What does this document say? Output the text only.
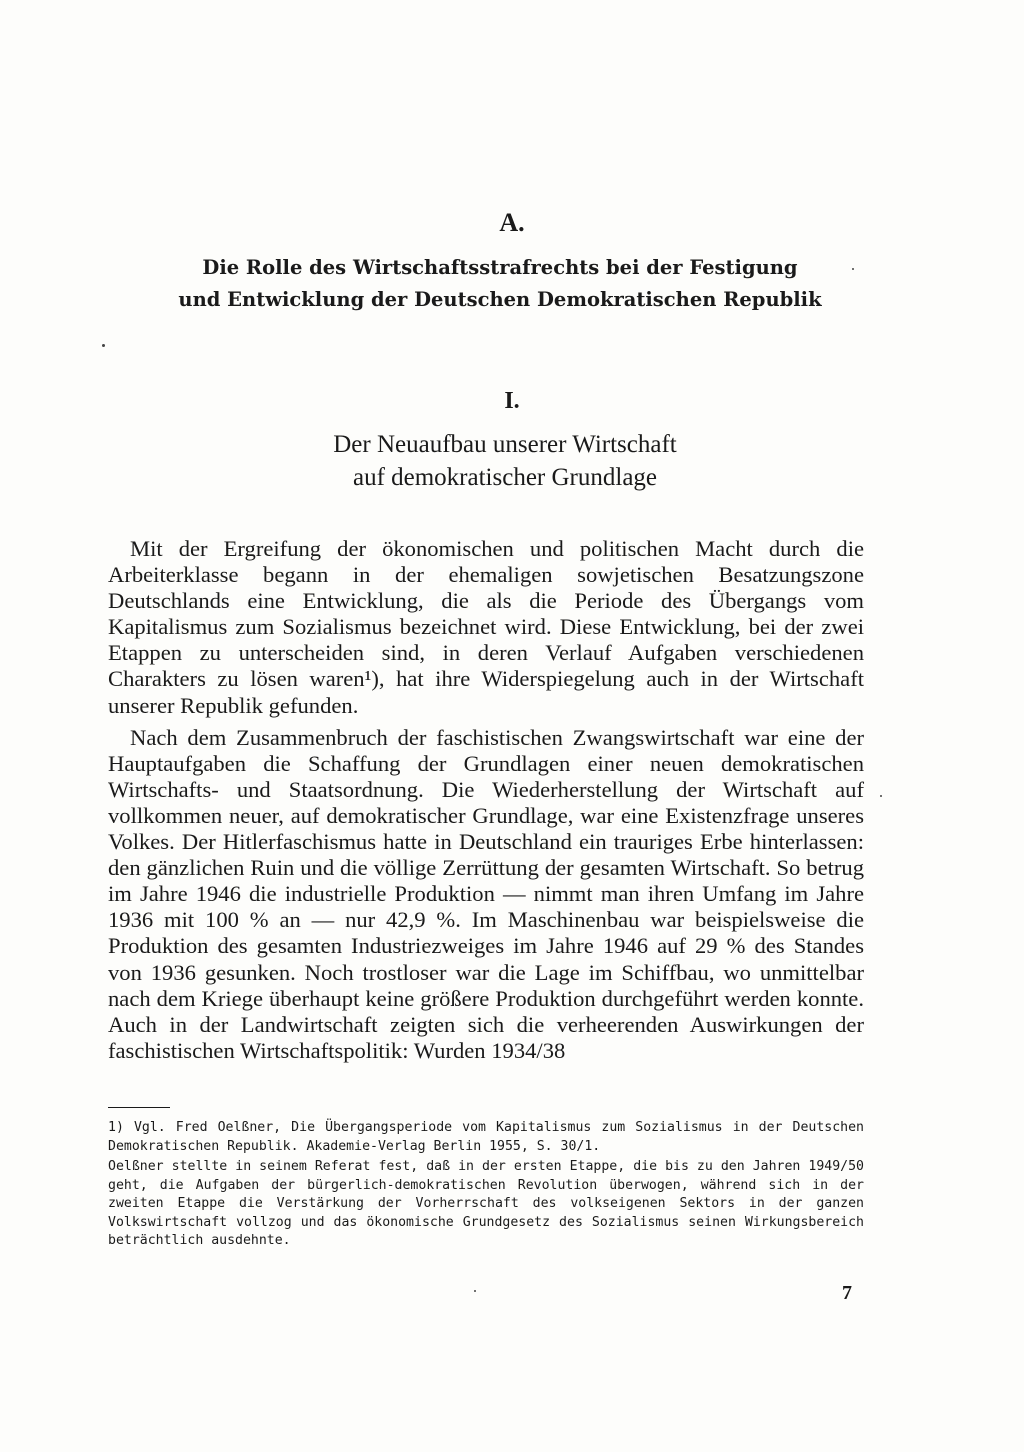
A.
Die Rolle des Wirtschaftsstrafrechts bei der Festigung
und Entwicklung der Deutschen Demokratischen Republik
I.
Der Neuaufbau unserer Wirtschaft
auf demokratischer Grundlage

Mit der Ergreifung der ökonomischen und politischen Macht durch die Arbeiterklasse begann in der ehemaligen sowjetischen Besatzungszone Deutschlands eine Entwicklung, die als die Periode des Übergangs vom Kapitalismus zum Sozialismus bezeichnet wird. Diese Entwicklung, bei der zwei Etappen zu unterscheiden sind, in deren Verlauf Aufgaben verschiedenen Charakters zu lösen waren¹), hat ihre Widerspiegelung auch in der Wirtschaft unserer Republik gefunden.

Nach dem Zusammenbruch der faschistischen Zwangswirtschaft war eine der Hauptaufgaben die Schaffung der Grundlagen einer neuen demokratischen Wirtschafts- und Staatsordnung. Die Wiederherstellung der Wirtschaft auf vollkommen neuer, auf demokratischer Grundlage, war eine Existenzfrage unseres Volkes. Der Hitlerfaschismus hatte in Deutschland ein trauriges Erbe hinterlassen: den gänzlichen Ruin und die völlige Zerrüttung der gesamten Wirtschaft. So betrug im Jahre 1946 die industrielle Produktion — nimmt man ihren Umfang im Jahre 1936 mit 100 % an — nur 42,9 %. Im Maschinenbau war beispielsweise die Produktion des gesamten Industriezweiges im Jahre 1946 auf 29 % des Standes von 1936 gesunken. Noch trostloser war die Lage im Schiffbau, wo unmittelbar nach dem Kriege überhaupt keine größere Produktion durchgeführt werden konnte. Auch in der Landwirtschaft zeigten sich die verheerenden Auswirkungen der faschistischen Wirtschaftspolitik: Wurden 1934/38

1) Vgl. Fred Oelßner, Die Übergangsperiode vom Kapitalismus zum Sozialismus in der Deutschen Demokratischen Republik. Akademie-Verlag Berlin 1955, S. 30/1.

Oelßner stellte in seinem Referat fest, daß in der ersten Etappe, die bis zu den Jahren 1949/50 geht, die Aufgaben der bürgerlich-demokratischen Revolution überwogen, während sich in der zweiten Etappe die Verstärkung der Vorherrschaft des volkseigenen Sektors in der ganzen Volkswirtschaft vollzog und das ökonomische Grundgesetz des Sozialismus seinen Wirkungsbereich beträchtlich ausdehnte.

7
